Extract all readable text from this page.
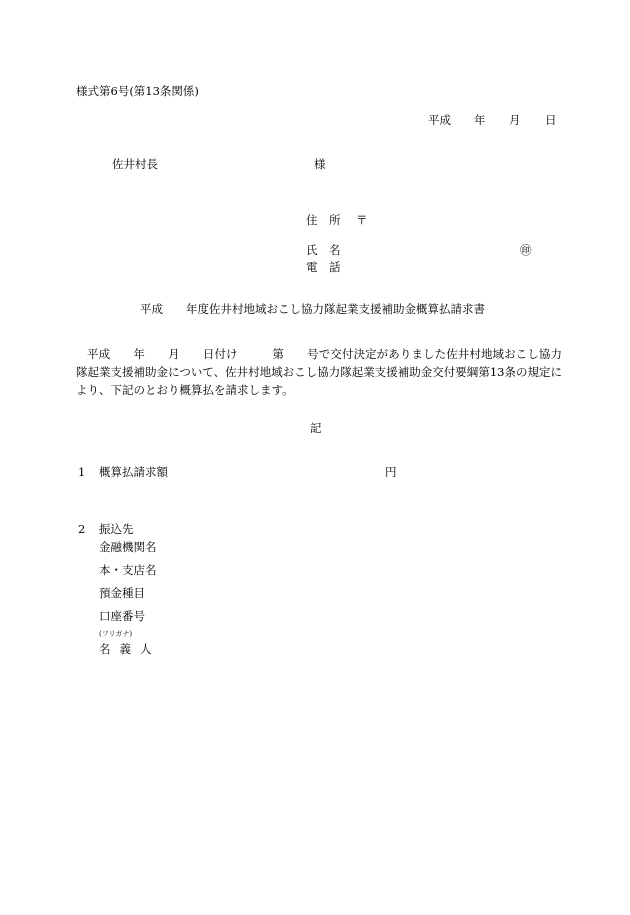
様式第6号(第13条関係)
平成 年 月 日
佐井村長	様
住　所 〒
氏　名	㊞
電　話
平成 年度佐井村地域おこし協力隊起業支援補助金概算払請求書
平成　　年　　月　　日付け　　　第　　号で交付決定がありました佐井村地域おこし協力隊起業支援補助金について、佐井村地域おこし協力隊起業支援補助金交付要綱第13条の規定により、下記のとおり概算払を請求します。
記
1 概算払請求額	円
2 振込先
金融機関名
本・支店名
預金種目
口座番号
(フリガナ)
名義人
